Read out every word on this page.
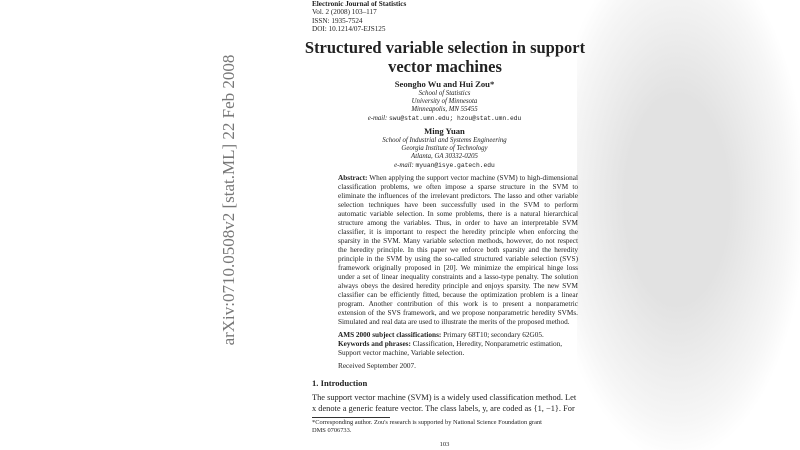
arXiv:0710.0508v2 [stat.ML] 22 Feb 2008
Electronic Journal of Statistics
Vol. 2 (2008) 103–117
ISSN: 1935-7524
DOI: 10.1214/07-EJS125
Structured variable selection in support
vector machines
Seongho Wu and Hui Zou*
School of Statistics
University of Minnesota
Minneapolis, MN 55455
e-mail: swu@stat.umn.edu; hzou@stat.umn.edu
Ming Yuan
School of Industrial and Systems Engineering
Georgia Institute of Technology
Atlanta, GA 30332-0205
e-mail: myuan@isye.gatech.edu
Abstract: When applying the support vector machine (SVM) to high-dimensional classification problems, we often impose a sparse structure in the SVM to eliminate the influences of the irrelevant predictors. The lasso and other variable selection techniques have been successfully used in the SVM to perform automatic variable selection. In some problems, there is a natural hierarchical structure among the variables. Thus, in order to have an interpretable SVM classifier, it is important to respect the heredity principle when enforcing the sparsity in the SVM. Many variable selection methods, however, do not respect the heredity principle. In this paper we enforce both sparsity and the heredity principle in the SVM by using the so-called structured variable selection (SVS) framework originally proposed in [20]. We minimize the empirical hinge loss under a set of linear inequality constraints and a lasso-type penalty. The solution always obeys the desired heredity principle and enjoys sparsity. The new SVM classifier can be efficiently fitted, because the optimization problem is a linear program. Another contribution of this work is to present a nonparametric extension of the SVS framework, and we propose nonparametric heredity SVMs. Simulated and real data are used to illustrate the merits of the proposed method.
AMS 2000 subject classifications: Primary 68T10; secondary 62G05.
Keywords and phrases: Classification, Heredity, Nonparametric estimation, Support vector machine, Variable selection.
Received September 2007.
1. Introduction
The support vector machine (SVM) is a widely used classification method. Let
x denote a generic feature vector. The class labels, y, are coded as {1, −1}. For
*Corresponding author. Zou's research is supported by National Science Foundation grant
DMS 0706733.
103
